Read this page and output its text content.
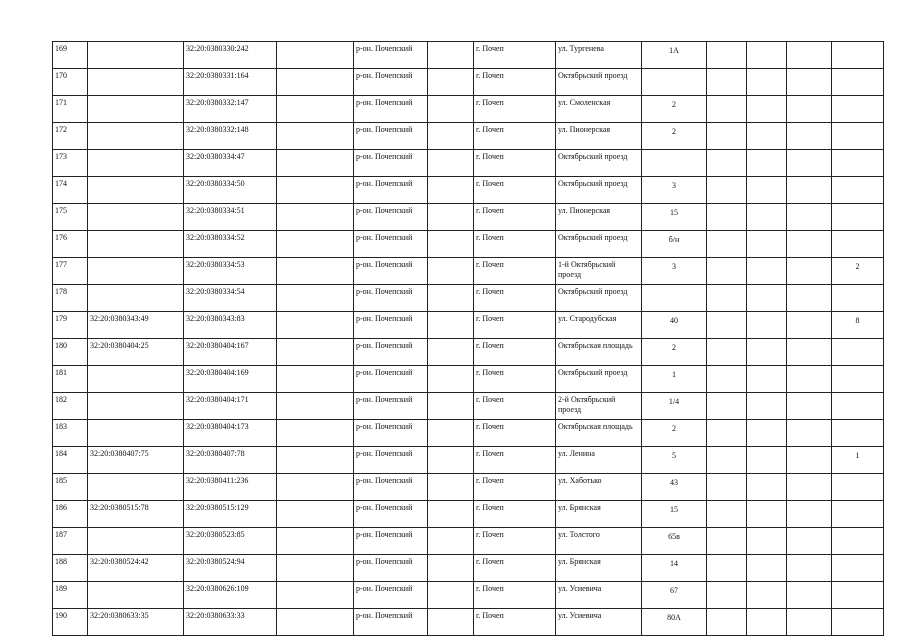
169		32:20:0380330:242		р-он. Почепский		г. Почеп	ул. Тургенева	1А				
170		32:20:0380331:164		р-он. Почепский		г. Почеп	Октябрьский проезд					
171		32:20:0380332:147		р-он. Почепский		г. Почеп	ул. Смоленская	2				
172		32:20:0380332:148		р-он. Почепский		г. Почеп	ул. Пионерская	2				
173		32:20:0380334:47		р-он. Почепский		г. Почеп	Октябрьский проезд					
174		32:20:0380334:50		р-он. Почепский		г. Почеп	Октябрьский проезд	3				
175		32:20:0380334:51		р-он. Почепский		г. Почеп	ул. Пионерская	15				
176		32:20:0380334:52		р-он. Почепский		г. Почеп	Октябрьский проезд	б/н				
177		32:20:0380334:53		р-он. Почепский		г. Почеп	1-й Октябрьский проезд	3				2
178		32:20:0380334:54		р-он. Почепский		г. Почеп	Октябрьский проезд					
179	32:20:0380343:49	32:20:0380343:83		р-он. Почепский		г. Почеп	ул. Стародубская	40				8
180	32:20:0380404:25	32:20:0380404:167		р-он. Почепский		г. Почеп	Октябрьская площадь	2				
181		32:20:0380404:169		р-он. Почепский		г. Почеп	Октябрьский проезд	1				
182		32:20:0380404:171		р-он. Почепский		г. Почеп	2-й Октябрьский проезд	1/4				
183		32:20:0380404:173		р-он. Почепский		г. Почеп	Октябрьская площадь	2				
184	32:20:0380407:75	32:20:0380407:78		р-он. Почепский		г. Почеп	ул. Ленина	5				1
185		32:20:0380411:236		р-он. Почепский		г. Почеп	ул. Хаботько	43				
186	32:20:0380515:78	32:20:0380515:129		р-он. Почепский		г. Почеп	ул. Брянская	15				
187		32:20:0380523:85		р-он. Почепский		г. Почеп	ул. Толстого	65в				
188	32:20:0380524:42	32:20:0380524:94		р-он. Почепский		г. Почеп	ул. Брянская	14				
189		32:20:0380626:109		р-он. Почепский		г. Почеп	ул. Усиевича	67				
190	32:20:0380633:35	32:20:0380633:33		р-он. Почепский		г. Почеп	ул. Усиевича	80А				
